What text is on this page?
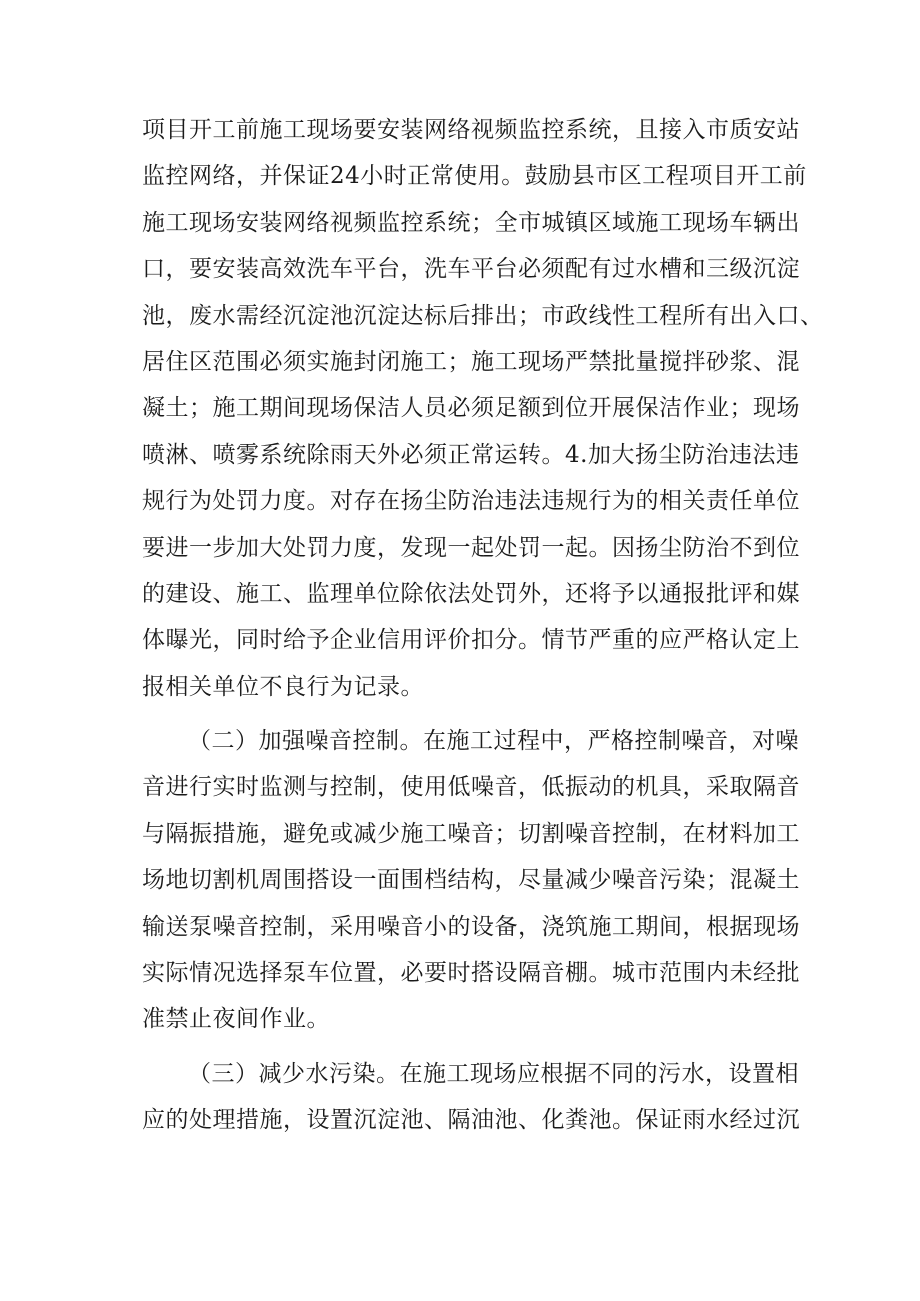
项目开工前施工现场要安装网络视频监控系统，且接入市质安站
监控网络，并保证24小时正常使用。鼓励县市区工程项目开工前
施工现场安装网络视频监控系统；全市城镇区域施工现场车辆出
口，要安装高效洗车平台，洗车平台必须配有过水槽和三级沉淀
池，废水需经沉淀池沉淀达标后排出；市政线性工程所有出入口、
居住区范围必须实施封闭施工；施工现场严禁批量搅拌砂浆、混
凝土；施工期间现场保洁人员必须足额到位开展保洁作业；现场
喷淋、喷雾系统除雨天外必须正常运转。4.加大扬尘防治违法违
规行为处罚力度。对存在扬尘防治违法违规行为的相关责任单位
要进一步加大处罚力度，发现一起处罚一起。因扬尘防治不到位
的建设、施工、监理单位除依法处罚外，还将予以通报批评和媒
体曝光，同时给予企业信用评价扣分。情节严重的应严格认定上
报相关单位不良行为记录。
（二）加强噪音控制。在施工过程中，严格控制噪音，对噪
音进行实时监测与控制，使用低噪音，低振动的机具，采取隔音
与隔振措施，避免或减少施工噪音；切割噪音控制，在材料加工
场地切割机周围搭设一面围档结构，尽量减少噪音污染；混凝土
输送泵噪音控制，采用噪音小的设备，浇筑施工期间，根据现场
实际情况选择泵车位置，必要时搭设隔音棚。城市范围内未经批
准禁止夜间作业。
（三）减少水污染。在施工现场应根据不同的污水，设置相
应的处理措施，设置沉淀池、隔油池、化粪池。保证雨水经过沉
